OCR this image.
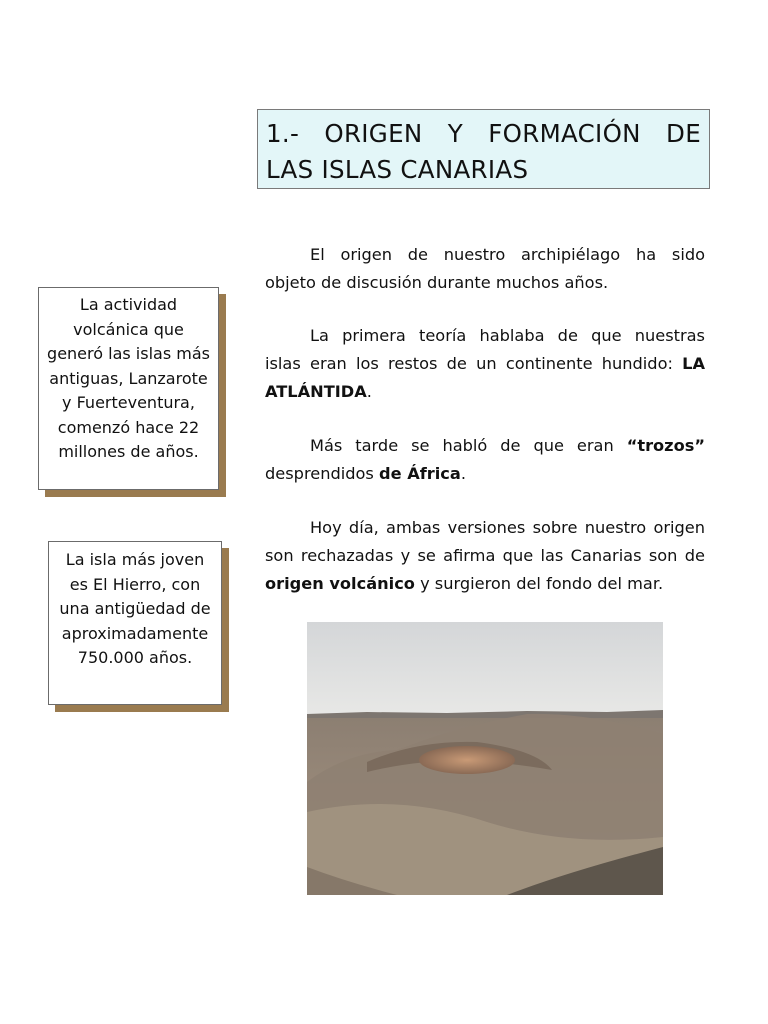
1.- ORIGEN Y FORMACIÓN DE
LAS ISLAS CANARIAS
La actividad
volcánica que
generó las islas más
antiguas, Lanzarote
y Fuerteventura,
comenzó hace 22
millones de años.
La isla más joven
es El Hierro, con
una antigüedad de
aproximadamente
750.000 años.
El origen de nuestro archipiélago ha sido
objeto de discusión durante muchos años.
La primera teoría hablaba de que nuestras
islas eran los restos de un continente hundido: LA
ATLÁNTIDA.
Más tarde se habló de que eran “trozos”
desprendidos de África.
Hoy día, ambas versiones sobre nuestro origen
son rechazadas y se afirma que las Canarias son de
origen volcánico y surgieron del fondo del mar.
